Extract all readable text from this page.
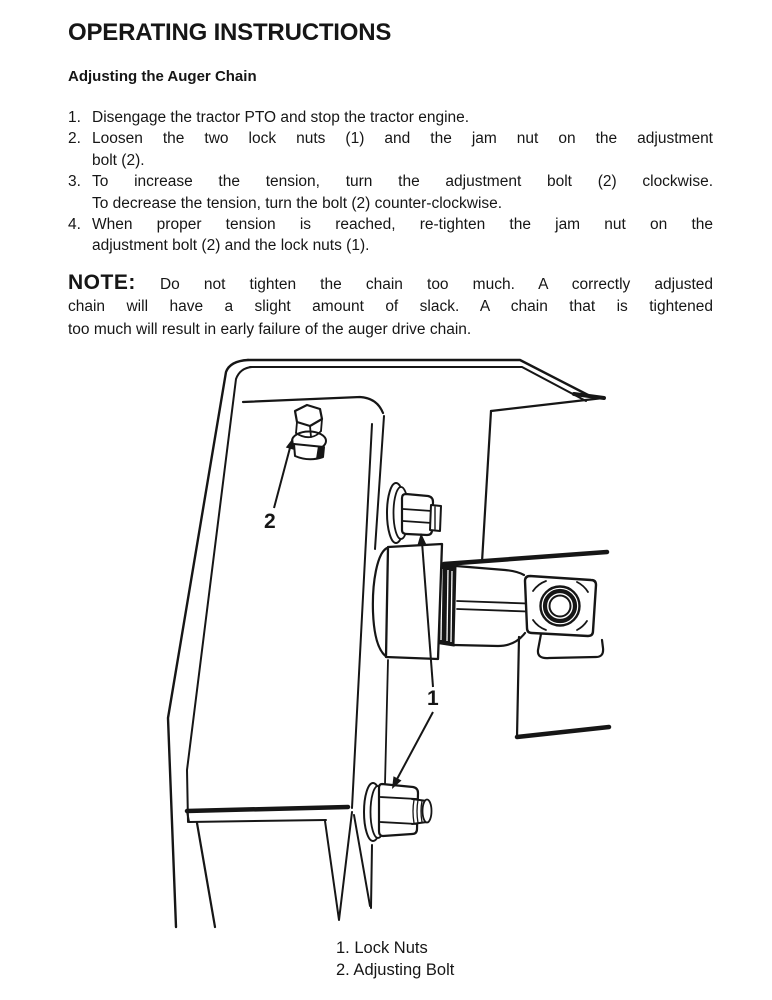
OPERATING INSTRUCTIONS
Adjusting the Auger Chain
1. Disengage the tractor PTO and stop the tractor engine.
2. Loosen the two lock nuts (1) and the jam nut on the adjustment
bolt (2).
3. To increase the tension, turn the adjustment bolt (2) clockwise.
To decrease the tension, turn the bolt (2) counter-clockwise.
4. When proper tension is reached, re-tighten the jam nut on the
adjustment bolt (2) and the lock nuts (1).
NOTE: Do not tighten the chain too much. A correctly adjusted
chain will have a slight amount of slack. A chain that is tightened
too much will result in early failure of the auger drive chain.
2
1
1. Lock Nuts
2. Adjusting Bolt
